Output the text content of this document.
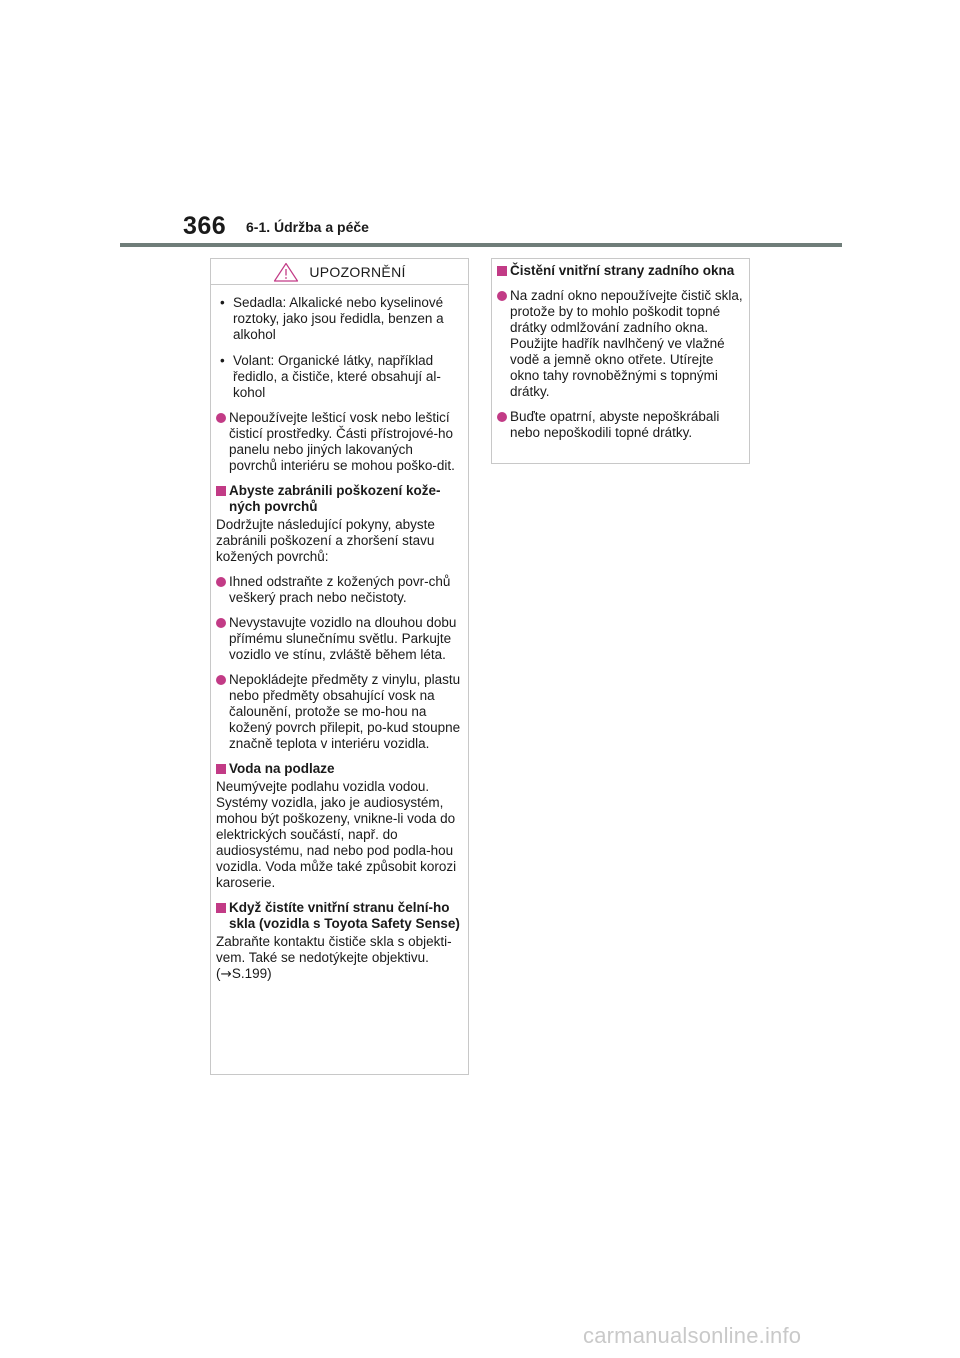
366 6-1. Údržba a péče
UPOZORNĚNÍ
• Sedadla: Alkalické nebo kyselinové roztoky, jako jsou ředidla, benzen a alkohol
• Volant: Organické látky, například ředidlo, a čističe, které obsahují al-kohol
Nepoužívejte lešticí vosk nebo lešticí čisticí prostředky. Části přístrojové-ho panelu nebo jiných lakovaných povrchů interiéru se mohou poško-dit.
Abyste zabránili poškození kože-ných povrchů
Dodržujte následující pokyny, abyste zabránili poškození a zhoršení stavu kožených povrchů:
Ihned odstraňte z kožených povr-chů veškerý prach nebo nečistoty.
Nevystavujte vozidlo na dlouhou dobu přímému slunečnímu světlu. Parkujte vozidlo ve stínu, zvláště během léta.
Nepokládejte předměty z vinylu, plastu nebo předměty obsahující vosk na čalounění, protože se mo-hou na kožený povrch přilepit, po-kud stoupne značně teplota v interiéru vozidla.
Voda na podlaze
Neumývejte podlahu vozidla vodou. Systémy vozidla, jako je audiosystém, mohou být poškozeny, vnikne-li voda do elektrických součástí, např. do audiosystému, nad nebo pod podla-hou vozidla. Voda může také způsobit korozi karoserie.
Když čistíte vnitřní stranu čelní-ho skla (vozidla s Toyota Safety Sense)
Zabraňte kontaktu čističe skla s objekti-vem. Také se nedotýkejte objektivu.
(→S.199)
Čistění vnitřní strany zadního okna
Na zadní okno nepoužívejte čistič skla, protože by to mohlo poškodit topné drátky odmlžování zadního okna. Použijte hadřík navlhčený ve vlažné vodě a jemně okno otřete. Utírejte okno tahy rovnoběžnými s topnými drátky.
Buďte opatrní, abyste nepoškrábali nebo nepoškodili topné drátky.
carmanualsonline.info
